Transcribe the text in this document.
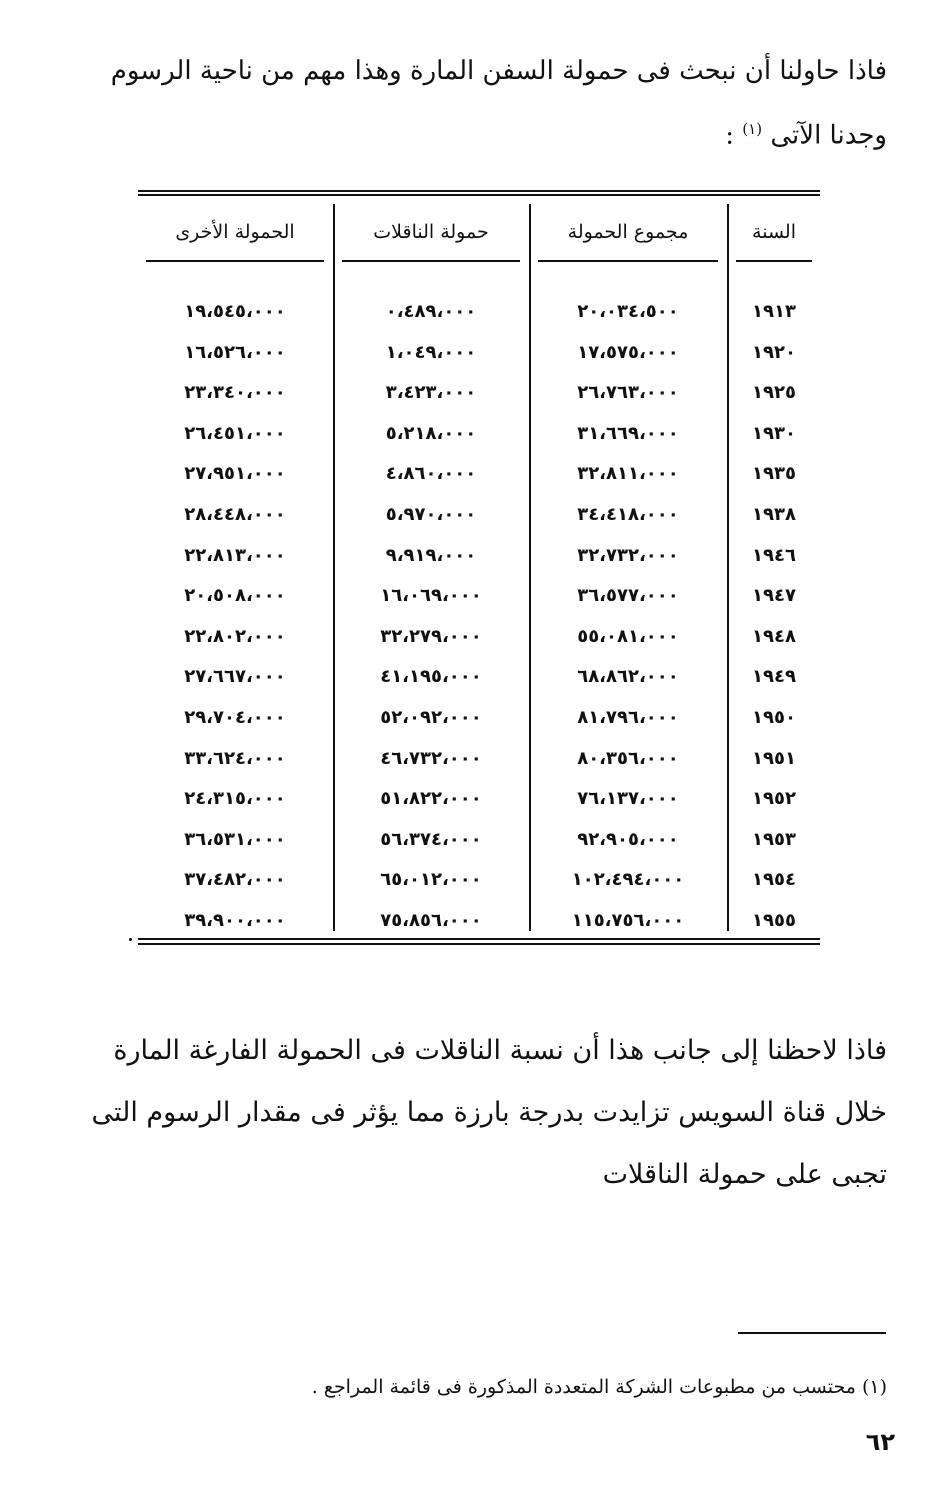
فاذا حاولنا أن نبحث فى حمولة السفن المارة وهذا مهم من ناحية الرسوم وجدنا الآتى $^{(١)}$ :

السنة
١٩١٣
١٩٢٠
١٩٢٥
١٩٣٠
١٩٣٥
١٩٣٨
١٩٤٦
١٩٤٧
١٩٤٨
١٩٤٩
١٩٥٠
١٩٥١
١٩٥٢
١٩٥٣
١٩٥٤
١٩٥٥
مجموع الحمولة
٢٠،٠٣٤،٥٠٠
١٧،٥٧٥،٠٠٠
٢٦،٧٦٣،٠٠٠
٣١،٦٦٩،٠٠٠
٣٢،٨١١،٠٠٠
٣٤،٤١٨،٠٠٠
٣٢،٧٣٢،٠٠٠
٣٦،٥٧٧،٠٠٠
٥٥،٠٨١،٠٠٠
٦٨،٨٦٢،٠٠٠
٨١،٧٩٦،٠٠٠
٨٠،٣٥٦،٠٠٠
٧٦،١٣٧،٠٠٠
٩٢،٩٠٥،٠٠٠
١٠٢،٤٩٤،٠٠٠
١١٥،٧٥٦،٠٠٠
حمولة الناقلات
٠،٤٨٩،٠٠٠
١،٠٤٩،٠٠٠
٣،٤٢٣،٠٠٠
٥،٢١٨،٠٠٠
٤،٨٦٠،٠٠٠
٥،٩٧٠،٠٠٠
٩،٩١٩،٠٠٠
١٦،٠٦٩،٠٠٠
٣٢،٢٧٩،٠٠٠
٤١،١٩٥،٠٠٠
٥٢،٠٩٢،٠٠٠
٤٦،٧٣٢،٠٠٠
٥١،٨٢٢،٠٠٠
٥٦،٣٧٤،٠٠٠
٦٥،٠١٢،٠٠٠
٧٥،٨٥٦،٠٠٠
الحمولة الأخرى
١٩،٥٤٥،٠٠٠
١٦،٥٢٦،٠٠٠
٢٣،٣٤٠،٠٠٠
٢٦،٤٥١،٠٠٠
٢٧،٩٥١،٠٠٠
٢٨،٤٤٨،٠٠٠
٢٢،٨١٣،٠٠٠
٢٠،٥٠٨،٠٠٠
٢٢،٨٠٢،٠٠٠
٢٧،٦٦٧،٠٠٠
٢٩،٧٠٤،٠٠٠
٣٣،٦٢٤،٠٠٠
٢٤،٣١٥،٠٠٠
٣٦،٥٣١،٠٠٠
٣٧،٤٨٢،٠٠٠
٣٩،٩٠٠،٠٠٠

فاذا لاحظنا إلى جانب هذا أن نسبة الناقلات فى الحمولة الفارغة المارة خلال قناة السويس تزايدت بدرجة بارزة مما يؤثر فى مقدار الرسوم التى تجبى على حمولة الناقلات

(١) محتسب من مطبوعات الشركة المتعددة المذكورة فى قائمة المراجع .

٦٢
